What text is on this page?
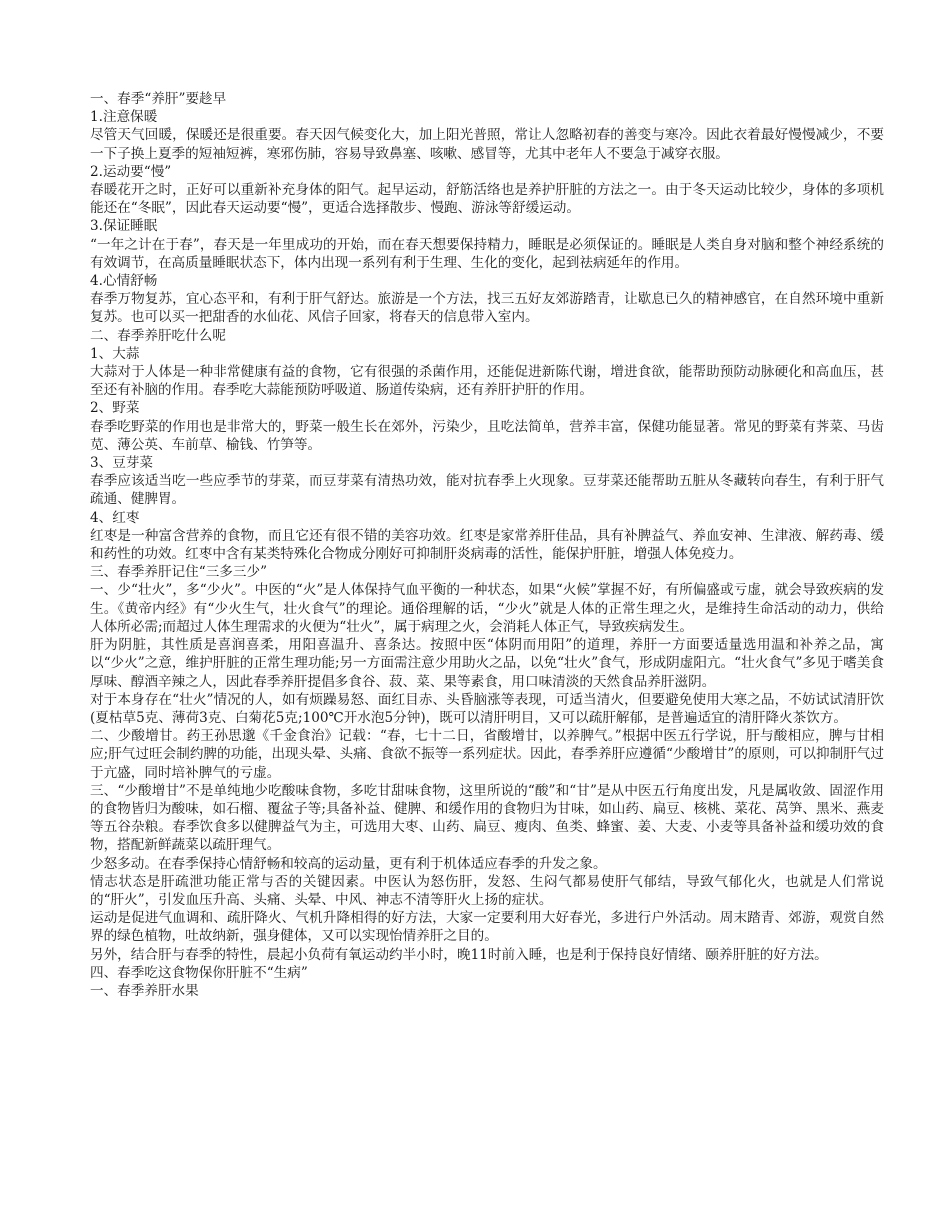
一、春季“养肝”要趁早
1.注意保暖
尽管天气回暖，保暖还是很重要。春天因气候变化大，加上阳光普照，常让人忽略初春的善变与寒冷。因此衣着最好慢慢减少，不要一下子换上夏季的短袖短裤，寒邪伤肺，容易导致鼻塞、咳嗽、感冒等，尤其中老年人不要急于减穿衣服。
2.运动要“慢”
春暖花开之时，正好可以重新补充身体的阳气。起早运动，舒筋活络也是养护肝脏的方法之一。由于冬天运动比较少，身体的多项机能还在“冬眠”，因此春天运动要“慢”，更适合选择散步、慢跑、游泳等舒缓运动。
3.保证睡眠
“一年之计在于春”，春天是一年里成功的开始，而在春天想要保持精力，睡眠是必须保证的。睡眠是人类自身对脑和整个神经系统的有效调节，在高质量睡眠状态下，体内出现一系列有利于生理、生化的变化，起到祛病延年的作用。
4.心情舒畅
春季万物复苏，宜心态平和，有利于肝气舒达。旅游是一个方法，找三五好友郊游踏青，让歇息已久的精神感官，在自然环境中重新复苏。也可以买一把甜香的水仙花、风信子回家，将春天的信息带入室内。
二、春季养肝吃什么呢
1、大蒜
大蒜对于人体是一种非常健康有益的食物，它有很强的杀菌作用，还能促进新陈代谢，增进食欲，能帮助预防动脉硬化和高血压，甚至还有补脑的作用。春季吃大蒜能预防呼吸道、肠道传染病，还有养肝护肝的作用。
2、野菜
春季吃野菜的作用也是非常大的，野菜一般生长在郊外，污染少，且吃法简单，营养丰富，保健功能显著。常见的野菜有荠菜、马齿苋、薄公英、车前草、榆钱、竹笋等。
3、豆芽菜
春季应该适当吃一些应季节的芽菜，而豆芽菜有清热功效，能对抗春季上火现象。豆芽菜还能帮助五脏从冬藏转向春生，有利于肝气疏通、健脾胃。
4、红枣
红枣是一种富含营养的食物，而且它还有很不错的美容功效。红枣是家常养肝佳品，具有补脾益气、养血安神、生津液、解药毒、缓和药性的功效。红枣中含有某类特殊化合物成分刚好可抑制肝炎病毒的活性，能保护肝脏，增强人体免疫力。
三、春季养肝记住“三多三少”
一、少“壮火”，多“少火”。中医的“火”是人体保持气血平衡的一种状态，如果“火候”掌握不好，有所偏盛或亏虚，就会导致疾病的发生。《黄帝内经》有“少火生气，壮火食气”的理论。通俗理解的话，“少火”就是人体的正常生理之火，是维持生命活动的动力，供给人体所必需;而超过人体生理需求的火便为“壮火”，属于病理之火，会消耗人体正气，导致疾病发生。
肝为阴脏，其性质是喜润喜柔，用阳喜温升、喜条达。按照中医“体阴而用阳”的道理，养肝一方面要适量选用温和补养之品，寓以“少火”之意，维护肝脏的正常生理功能;另一方面需注意少用助火之品，以免“壮火”食气，形成阴虚阳亢。“壮火食气”多见于嗜美食厚味、醇酒辛辣之人，因此春季养肝提倡多食谷、菽、菜、果等素食，用口味清淡的天然食品养肝滋阴。
对于本身存在“壮火”情况的人，如有烦躁易怒、面红目赤、头昏脑涨等表现，可适当清火，但要避免使用大寒之品，不妨试试清肝饮(夏枯草5克、薄荷3克、白菊花5克;100℃开水泡5分钟)，既可以清肝明目，又可以疏肝解郁，是普遍适宜的清肝降火茶饮方。
二、少酸增甘。药王孙思邈《千金食治》记载：“春，七十二日，省酸增甘，以养脾气。”根据中医五行学说，肝与酸相应，脾与甘相应;肝气过旺会制约脾的功能，出现头晕、头痛、食欲不振等一系列症状。因此，春季养肝应遵循“少酸增甘”的原则，可以抑制肝气过于亢盛，同时培补脾气的亏虚。
三、“少酸增甘”不是单纯地少吃酸味食物，多吃甘甜味食物，这里所说的“酸”和“甘”是从中医五行角度出发，凡是属收敛、固涩作用的食物皆归为酸味，如石榴、覆盆子等;具备补益、健脾、和缓作用的食物归为甘味，如山药、扁豆、核桃、菜花、莴笋、黑米、燕麦等五谷杂粮。春季饮食多以健脾益气为主，可选用大枣、山药、扁豆、瘦肉、鱼类、蜂蜜、姜、大麦、小麦等具备补益和缓功效的食物，搭配新鲜蔬菜以疏肝理气。
少怒多动。在春季保持心情舒畅和较高的运动量，更有利于机体适应春季的升发之象。
情志状态是肝疏泄功能正常与否的关键因素。中医认为怒伤肝，发怒、生闷气都易使肝气郁结，导致气郁化火，也就是人们常说的“肝火”，引发血压升高、头痛、头晕、中风、神志不清等肝火上扬的症状。
运动是促进气血调和、疏肝降火、气机升降相得的好方法，大家一定要利用大好春光，多进行户外活动。周末踏青、郊游，观赏自然界的绿色植物，吐故纳新，强身健体，又可以实现怡情养肝之目的。
另外，结合肝与春季的特性，晨起小负荷有氧运动约半小时，晚11时前入睡，也是利于保持良好情绪、颐养肝脏的好方法。
四、春季吃这食物保你肝脏不“生病”
一、春季养肝水果
